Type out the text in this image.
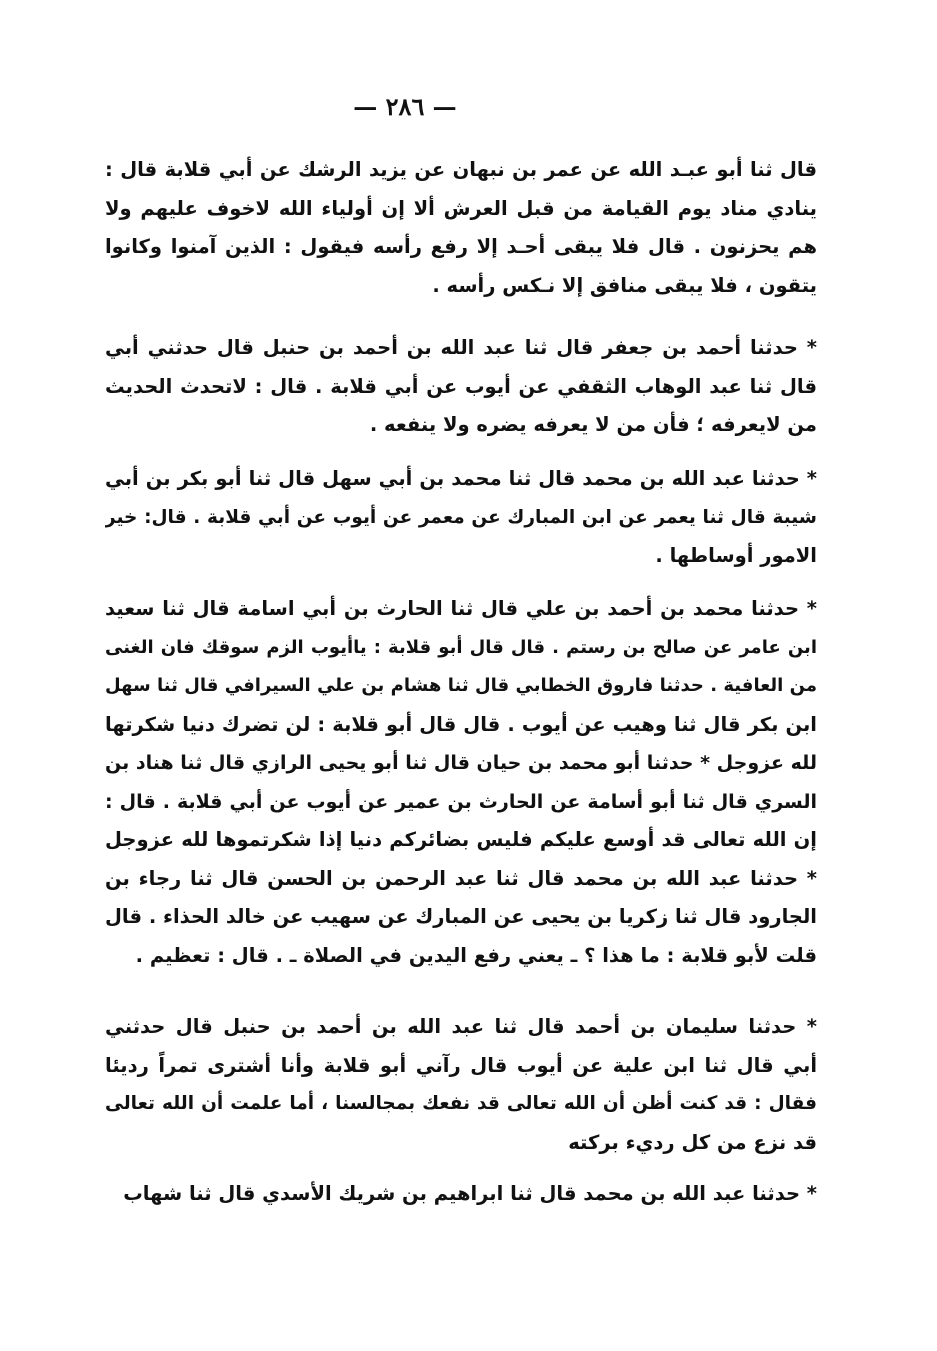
— ٢٨٦ —
قال ثنا أبو عبـد الله عن عمر بن نبهان عن يزيد الرشك عن أبي قلابة قال :
ينادي مناد يوم القيامة من قبل العرش ألا إن أولياء الله لاخوف عليهم ولا
هم يحزنون . قال فلا يبقى أحـد إلا رفع رأسه فيقول : الذين آمنوا وكانوا
يتقون ، فلا يبقى منافق إلا نـكس رأسه .
* حدثنا أحمد بن جعفر قال ثنا عبد الله بن أحمد بن حنبل قال حدثني أبي
قال ثنا عبد الوهاب الثقفي عن أيوب عن أبي قلابة . قال : لاتحدث الحديث
من لايعرفه ؛ فأن من لا يعرفه يضره ولا ينفعه .
* حدثنا عبد الله بن محمد قال ثنا محمد بن أبي سهل قال ثنا أبو بكر بن أبي
شيبة قال ثنا يعمر عن ابن المبارك عن معمر عن أيوب عن أبي قلابة . قال: خير
الامور أوساطها .
* حدثنا محمد بن أحمد بن علي قال ثنا الحارث بن أبي اسامة قال ثنا سعيد
ابن عامر عن صالح بن رستم . قال قال أبو قلابة : ياأيوب الزم سوقك فان الغنى
من العافية . حدثنا فاروق الخطابي قال ثنا هشام بن علي السيرافي قال ثنا سهل
ابن بكر قال ثنا وهيب عن أيوب . قال قال أبو قلابة : لن تضرك دنيا شكرتها
لله عزوجل * حدثنا أبو محمد بن حيان قال ثنا أبو يحيى الرازي قال ثنا هناد بن
السري قال ثنا أبو أسامة عن الحارث بن عمير عن أيوب عن أبي قلابة . قال :
إن الله تعالى قد أوسع عليكم فليس بضائركم دنيا إذا شكرتموها لله عزوجل
* حدثنا عبد الله بن محمد قال ثنا عبد الرحمن بن الحسن قال ثنا رجاء بن
الجارود قال ثنا زكريا بن يحيى عن المبارك عن سهيب عن خالد الحذاء . قال
قلت لأبو قلابة : ما هذا ؟ ـ يعني رفع اليدين في الصلاة ـ . قال : تعظيم .
* حدثنا سليمان بن أحمد قال ثنا عبد الله بن أحمد بن حنبل قال حدثني
أبي قال ثنا ابن علية عن أيوب قال رآني أبو قلابة وأنا أشترى تمراً رديئا
فقال : قد كنت أظن أن الله تعالى قد نفعك بمجالسنا ، أما علمت أن الله تعالى
قد نزع من كل رديء بركته
* حدثنا عبد الله بن محمد قال ثنا ابراهيم بن شريك الأسدي قال ثنا شهاب
